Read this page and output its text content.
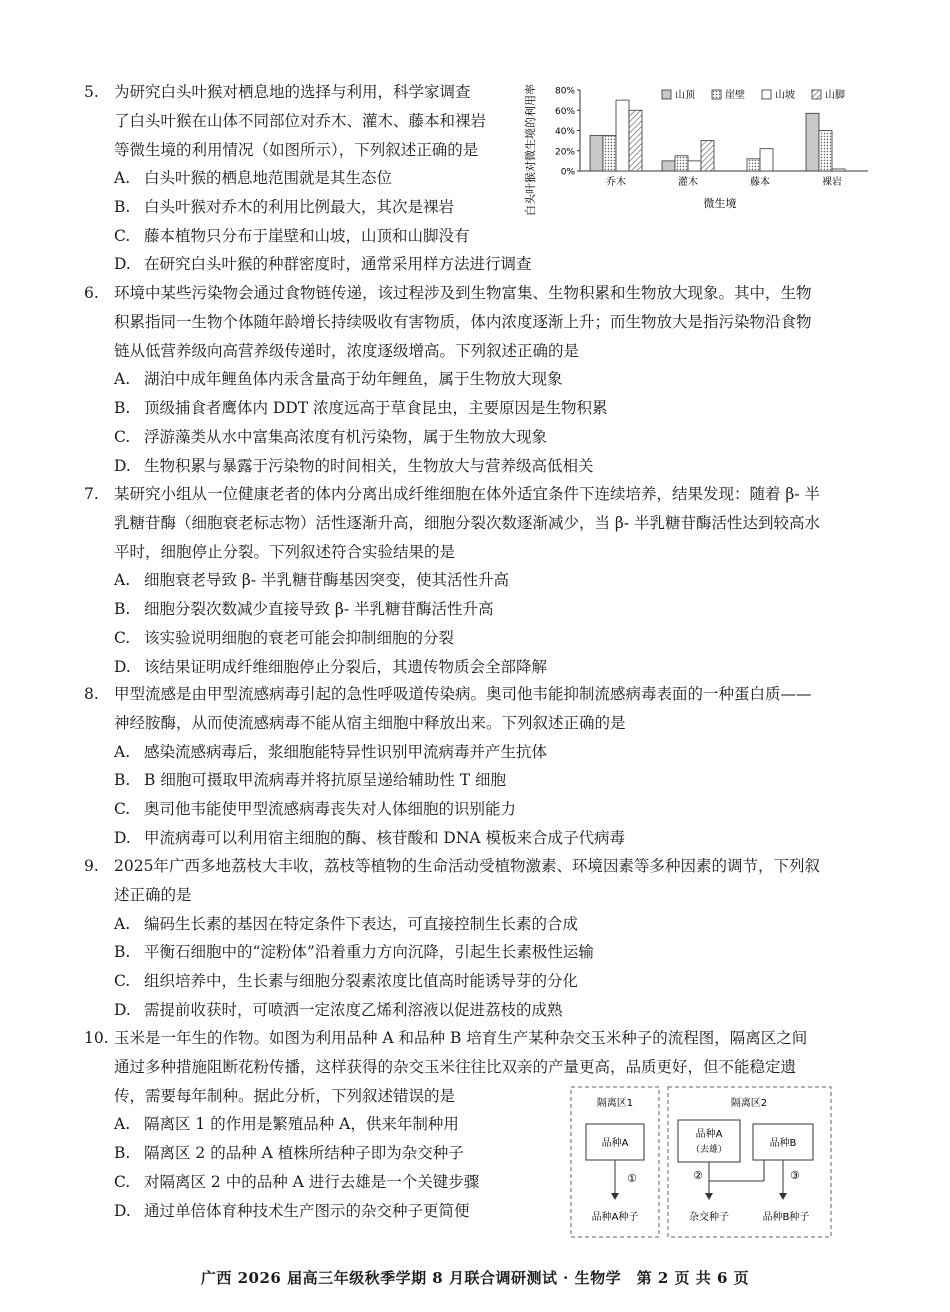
5. 为研究白头叶猴对栖息地的选择与利用，科学家调查

了白头叶猴在山体不同部位对乔木、灌木、藤本和裸岩

等微生境的利用情况（如图所示），下列叙述正确的是

A. 白头叶猴的栖息地范围就是其生态位

B. 白头叶猴对乔木的利用比例最大，其次是裸岩

C. 藤本植物只分布于崖壁和山坡，山顶和山脚没有

D. 在研究白头叶猴的种群密度时，通常采用样方法进行调查

白头叶猴对微生境的利用率	0%
20%
40%
60%
80%
乔木	灌木	藤本	裸岩
山顶	崖壁	山坡	山脚
微生境

6. 环境中某些污染物会通过食物链传递，该过程涉及到生物富集、生物积累和生物放大现象。其中，生物

积累指同一生物个体随年龄增长持续吸收有害物质，体内浓度逐渐上升；而生物放大是指污染物沿食物

链从低营养级向高营养级传递时，浓度逐级增高。下列叙述正确的是

A. 湖泊中成年鲤鱼体内汞含量高于幼年鲤鱼，属于生物放大现象

B. 顶级捕食者鹰体内 DDT 浓度远高于草食昆虫，主要原因是生物积累

C. 浮游藻类从水中富集高浓度有机污染物，属于生物放大现象

D. 生物积累与暴露于污染物的时间相关，生物放大与营养级高低相关

7. 某研究小组从一位健康老者的体内分离出成纤维细胞在体外适宜条件下连续培养，结果发现：随着 β- 半

乳糖苷酶（细胞衰老标志物）活性逐渐升高，细胞分裂次数逐渐减少，当 β- 半乳糖苷酶活性达到较高水

平时，细胞停止分裂。下列叙述符合实验结果的是

A. 细胞衰老导致 β- 半乳糖苷酶基因突变，使其活性升高

B. 细胞分裂次数减少直接导致 β- 半乳糖苷酶活性升高

C. 该实验说明细胞的衰老可能会抑制细胞的分裂

D. 该结果证明成纤维细胞停止分裂后，其遗传物质会全部降解

8. 甲型流感是由甲型流感病毒引起的急性呼吸道传染病。奥司他韦能抑制流感病毒表面的一种蛋白质——

神经胺酶，从而使流感病毒不能从宿主细胞中释放出来。下列叙述正确的是

A. 感染流感病毒后，浆细胞能特异性识别甲流病毒并产生抗体

B. B 细胞可摄取甲流病毒并将抗原呈递给辅助性 T 细胞

C. 奥司他韦能使甲型流感病毒丧失对人体细胞的识别能力

D. 甲流病毒可以利用宿主细胞的酶、核苷酸和 DNA 模板来合成子代病毒

9. 2025年广西多地荔枝大丰收，荔枝等植物的生命活动受植物激素、环境因素等多种因素的调节，下列叙

述正确的是

A. 编码生长素的基因在特定条件下表达，可直接控制生长素的合成

B. 平衡石细胞中的“淀粉体”沿着重力方向沉降，引起生长素极性运输

C. 组织培养中，生长素与细胞分裂素浓度比值高时能诱导芽的分化

D. 需提前收获时，可喷洒一定浓度乙烯利溶液以促进荔枝的成熟

10. 玉米是一年生的作物。如图为利用品种 A 和品种 B 培育生产某种杂交玉米种子的流程图，隔离区之间

通过多种措施阻断花粉传播，这样获得的杂交玉米往往比双亲的产量更高，品质更好，但不能稳定遗

传，需要每年制种。据此分析，下列叙述错误的是

A. 隔离区 1 的作用是繁殖品种 A，供来年制种用

B. 隔离区 2 的品种 A 植株所结种子即为杂交种子

C. 对隔离区 2 中的品种 A 进行去雄是一个关键步骤

D. 通过单倍体育种技术生产图示的杂交种子更简便

隔离区1
品种A
①
品种A种子
隔离区2
品种A
（去雄）
品种B
②	③
杂交种子	品种B种子
广西 2026 届高三年级秋季学期 8 月联合调研测试 · 生物学　第 2 页 共 6 页
